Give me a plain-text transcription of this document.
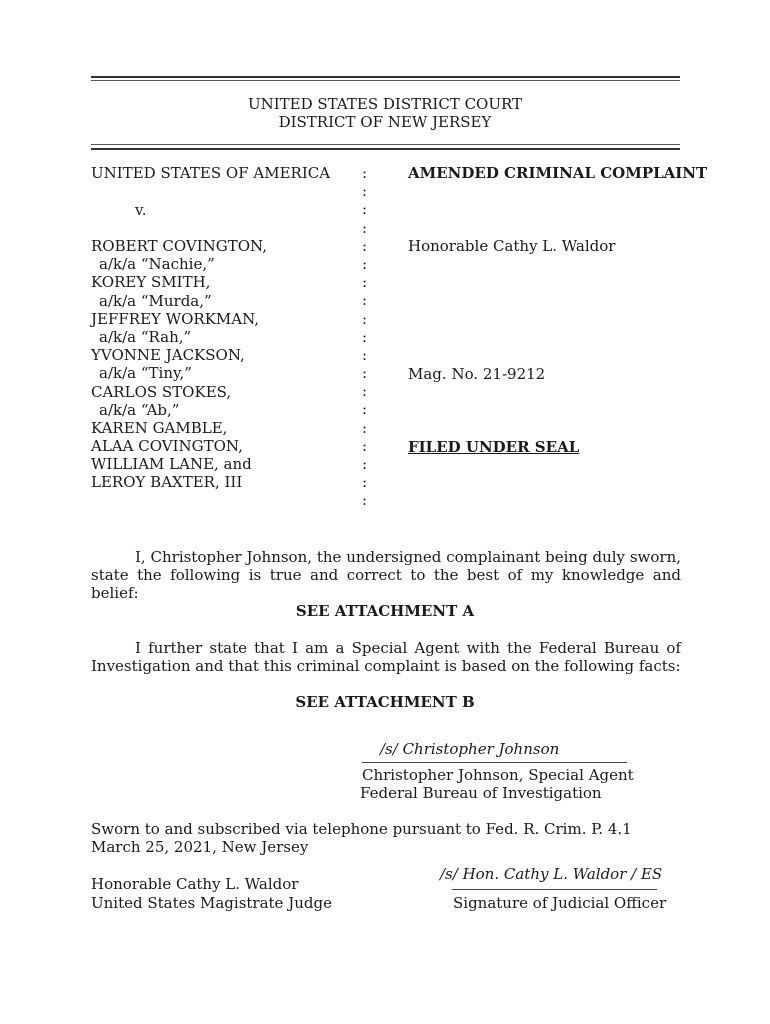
UNITED STATES DISTRICT COURT
DISTRICT OF NEW JERSEY
UNITED STATES OF AMERICA
v.
ROBERT COVINGTON,
a/k/a “Nachie,”
KOREY SMITH,
a/k/a “Murda,”
JEFFREY WORKMAN,
a/k/a “Rah,”
YVONNE JACKSON,
a/k/a “Tiny,”
CARLOS STOKES,
a/k/a “Ab,”
KAREN GAMBLE,
ALAA COVINGTON,
WILLIAM LANE, and
LEROY BAXTER, III
:
:
:
:
:
:
:
:
:
:
:
:
:
:
:
:
:
:
:
AMENDED CRIMINAL COMPLAINT
Honorable Cathy L. Waldor
Mag. No. 21-9212
FILED UNDER SEAL
I, Christopher Johnson, the undersigned complainant being duly sworn, state the following is true and correct to the best of my knowledge and belief:
SEE ATTACHMENT A
I further state that I am a Special Agent with the Federal Bureau of Investigation and that this criminal complaint is based on the following facts:
SEE ATTACHMENT B
/s/ Christopher Johnson
Christopher Johnson, Special Agent
Federal Bureau of Investigation
Sworn to and subscribed via telephone pursuant to Fed. R. Crim. P. 4.1
March 25, 2021, New Jersey
Honorable Cathy L. Waldor
United States Magistrate Judge
/s/ Hon. Cathy L. Waldor / ES
Signature of Judicial Officer
